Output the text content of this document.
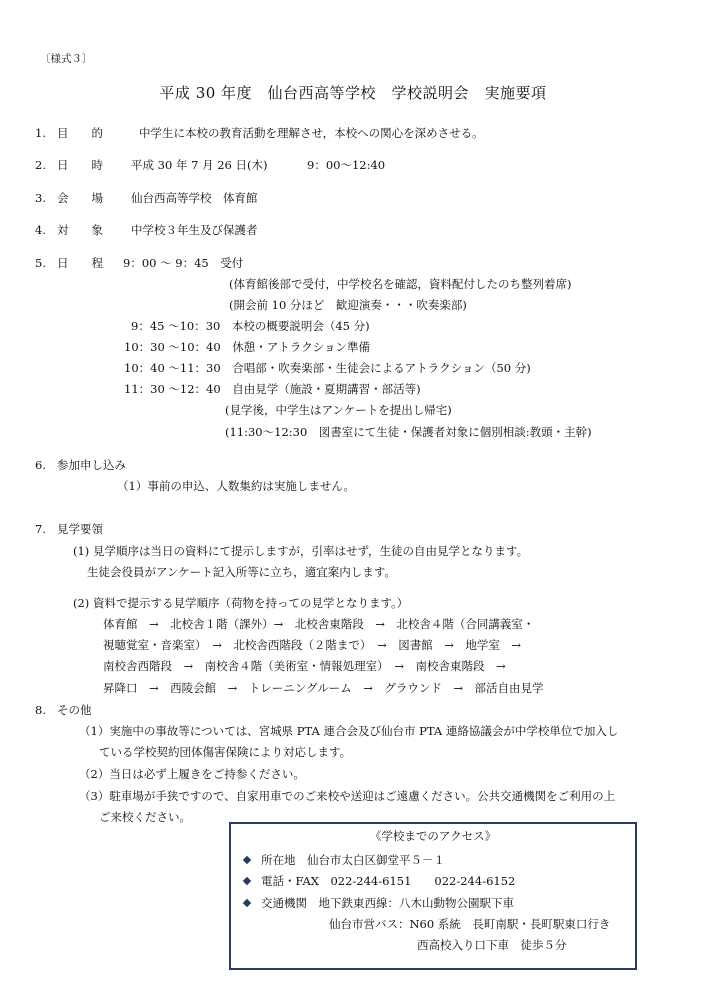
〔様式３〕
平成 30 年度　仙台西高等学校　学校説明会　実施要項
1. 目　　的	中学生に本校の教育活動を理解させ，本校への関心を深めさせる。
2. 日　　時 平成 30 年 7 月 26 日(木)	9：00〜12:40
3. 会　　場 仙台西高等学校　体育館
4. 対　　象 中学校３年生及び保護者
5. 日　　程 9：00 〜 9：45　受付
(体育館後部で受付，中学校名を確認，資料配付したのち整列着席)
(開会前 10 分ほど　歓迎演奏・・・吹奏楽部)
9：45 〜10：30　本校の概要説明会（45 分)
10：30 〜10：40　休憩・アトラクション準備
10：40 〜11：30　合唱部・吹奏楽部・生徒会によるアトラクション（50 分)
11：30 〜12：40　自由見学（施設・夏期講習・部活等)
(見学後，中学生はアンケートを提出し帰宅)
(11:30〜12:30　図書室にて生徒・保護者対象に個別相談:教頭・主幹)
6. 参加申し込み
（1）事前の申込、人数集約は実施しません。
7. 見学要領
(1) 見学順序は当日の資料にて提示しますが，引率はせず，生徒の自由見学となります。
生徒会役員がアンケート記入所等に立ち，適宜案内します。
(2) 資料で提示する見学順序（荷物を持っての見学となります。）
体育館　→　北校舎１階（課外）→　北校舎東階段　→　北校舎４階（合同講義室・
視聴覚室・音楽室）　→　北校舎西階段（２階まで）　→　図書館　→　地学室　→
南校舎西階段　→　南校舎４階（美術室・情報処理室）　→　南校舎東階段　→
昇降口　→　西陵会館　→　トレーニングルーム　→　グラウンド　→　部活自由見学
8. その他
（1）実施中の事故等については、宮城県 PTA 連合会及び仙台市 PTA 連絡協議会が中学校単位で加入し
ている学校契約団体傷害保険により対応します。
（2）当日は必ず上履きをご持参ください。
（3）駐車場が手狭ですので、自家用車でのご来校や送迎はご遠慮ください。公共交通機関をご利用の上
ご来校ください。
《学校までのアクセス》
所在地　仙台市太白区御堂平５－１
電話・FAX　022-244-6151　　022-244-6152
交通機関　地下鉄東西線：八木山動物公園駅下車
仙台市営バス：N60 系統　長町南駅・長町駅東口行き
西高校入り口下車　徒歩５分
